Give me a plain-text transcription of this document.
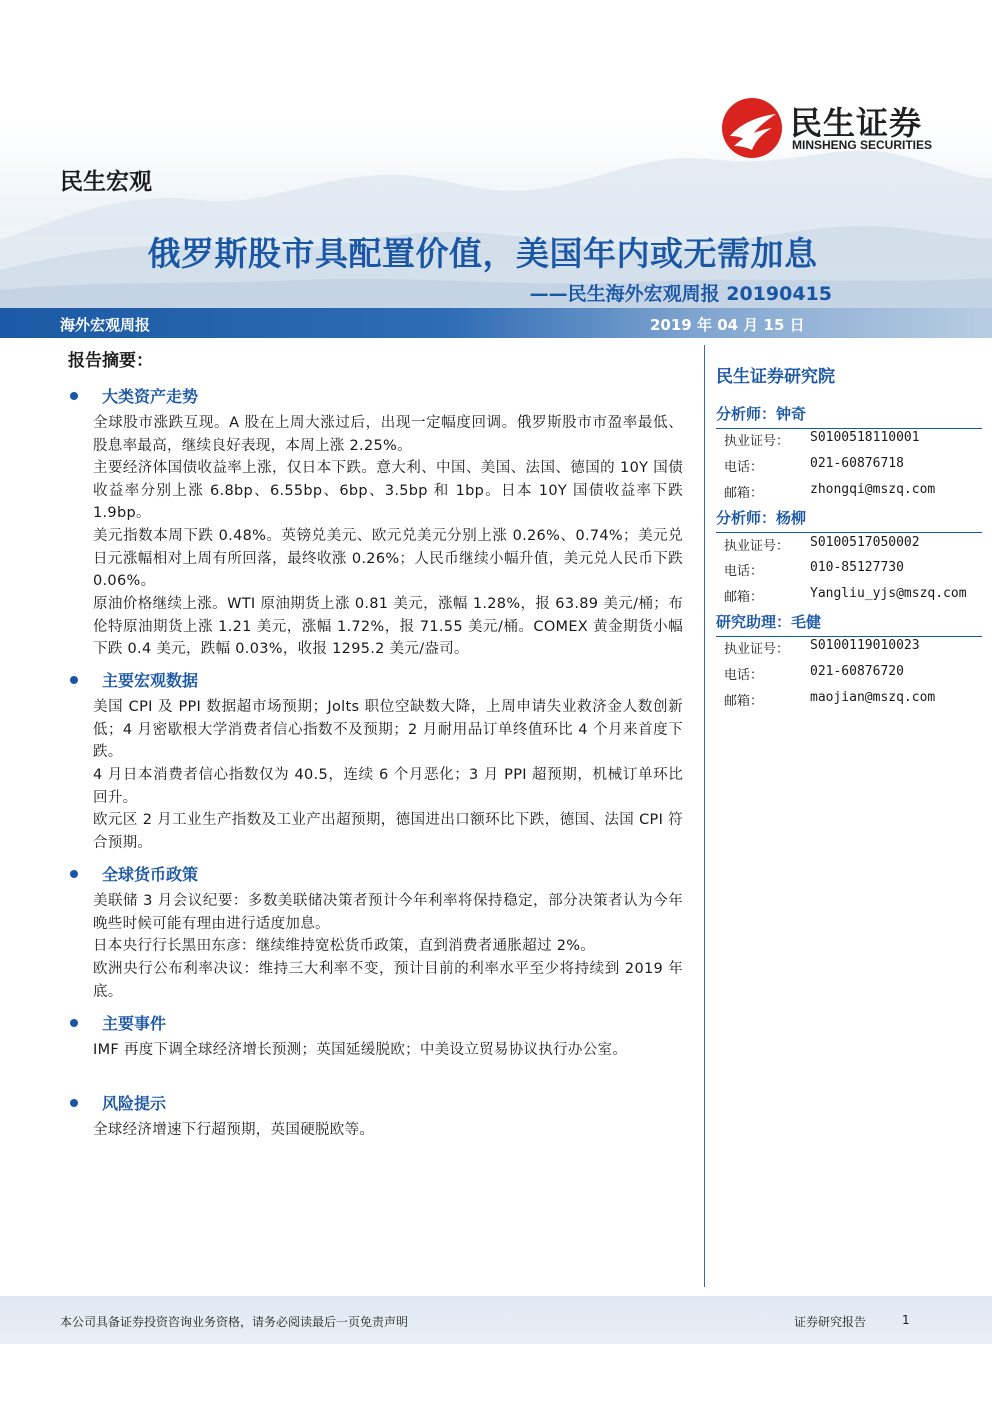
民生证券
MINSHENG SECURITIES
民生宏观
俄罗斯股市具配置价值，美国年内或无需加息
——民生海外宏观周报 20190415
海外宏观周报	2019 年 04 月 15 日
报告摘要：
大类资产走势
全球股市涨跌互现。A 股在上周大涨过后，出现一定幅度回调。俄罗斯股市市盈率最低、股息率最高，继续良好表现，本周上涨 2.25%。
主要经济体国债收益率上涨，仅日本下跌。意大利、中国、美国、法国、德国的 10Y 国债收益率分别上涨 6.8bp、6.55bp、6bp、3.5bp 和 1bp。日本 10Y 国债收益率下跌 1.9bp。
美元指数本周下跌 0.48%。英镑兑美元、欧元兑美元分别上涨 0.26%、0.74%；美元兑日元涨幅相对上周有所回落，最终收涨 0.26%；人民币继续小幅升值，美元兑人民币下跌 0.06%。
原油价格继续上涨。WTI 原油期货上涨 0.81 美元，涨幅 1.28%，报 63.89 美元/桶；布伦特原油期货上涨 1.21 美元，涨幅 1.72%，报 71.55 美元/桶。COMEX 黄金期货小幅下跌 0.4 美元，跌幅 0.03%，收报 1295.2 美元/盎司。
主要宏观数据
美国 CPI 及 PPI 数据超市场预期；Jolts 职位空缺数大降，上周申请失业救济金人数创新低；4 月密歇根大学消费者信心指数不及预期；2 月耐用品订单终值环比 4 个月来首度下跌。
4 月日本消费者信心指数仅为 40.5，连续 6 个月恶化；3 月 PPI 超预期，机械订单环比回升。
欧元区 2 月工业生产指数及工业产出超预期，德国进出口额环比下跌，德国、法国 CPI 符合预期。
全球货币政策
美联储 3 月会议纪要：多数美联储决策者预计今年利率将保持稳定，部分决策者认为今年晚些时候可能有理由进行适度加息。
日本央行行长黑田东彦：继续维持宽松货币政策，直到消费者通胀超过 2%。
欧洲央行公布利率决议：维持三大利率不变，预计目前的利率水平至少将持续到 2019 年底。
主要事件
IMF 再度下调全球经济增长预测；英国延缓脱欧；中美设立贸易协议执行办公室。
风险提示
全球经济增速下行超预期，英国硬脱欧等。
民生证券研究院
分析师：钟奇
执业证号： S0100518110001
电话：	021-60876718
邮箱：	zhongqi@mszq.com
分析师：杨柳
执业证号： S0100517050002
电话：	010-85127730
邮箱：	Yangliu_yjs@mszq.com
研究助理：毛健
执业证号： S0100119010023
电话：	021-60876720
邮箱：	maojian@mszq.com
本公司具备证券投资咨询业务资格，请务必阅读最后一页免责声明	证券研究报告	1
